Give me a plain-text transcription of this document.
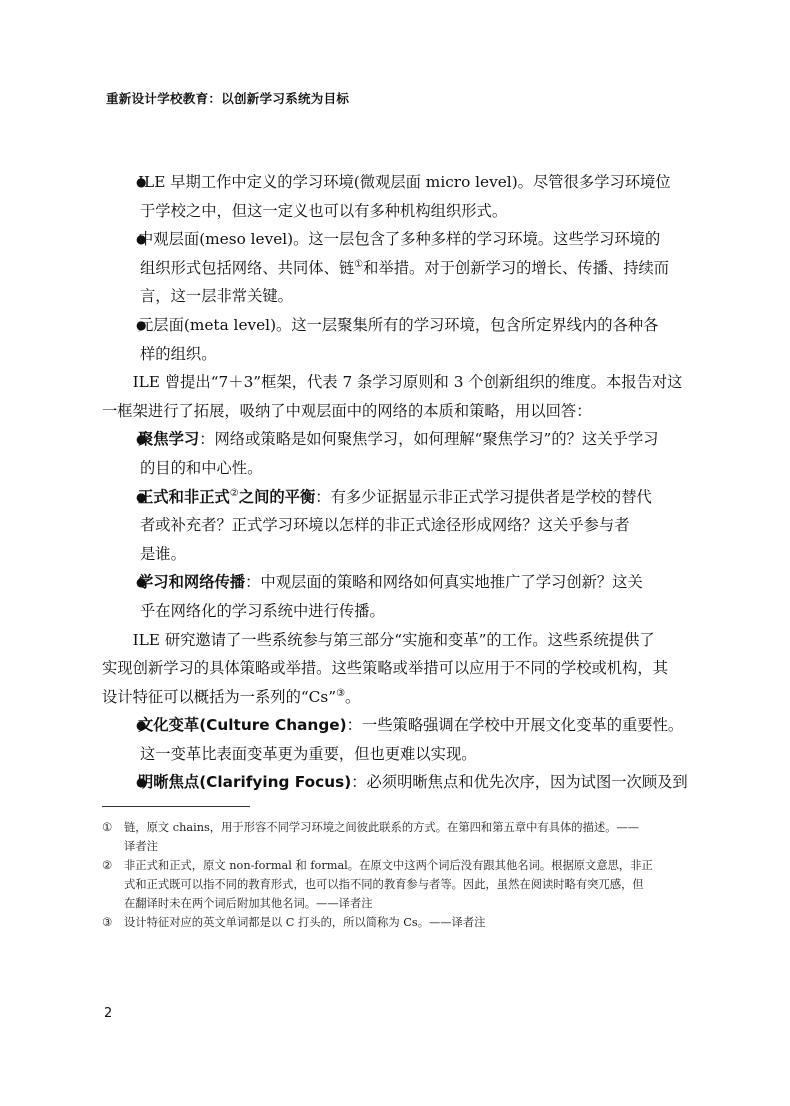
重新设计学校教育：以创新学习系统为目标
● ILE 早期工作中定义的学习环境(微观层面 micro level)。尽管很多学习环境位
于学校之中，但这一定义也可以有多种机构组织形式。
● 中观层面(meso level)。这一层包含了多种多样的学习环境。这些学习环境的
组织形式包括网络、共同体、链①和举措。对于创新学习的增长、传播、持续而
言，这一层非常关键。
● 元层面(meta level)。这一层聚集所有的学习环境，包含所定界线内的各种各
样的组织。
ILE 曾提出“7＋3”框架，代表 7 条学习原则和 3 个创新组织的维度。本报告对这
一框架进行了拓展，吸纳了中观层面中的网络的本质和策略，用以回答：
● 聚焦学习：网络或策略是如何聚焦学习，如何理解“聚焦学习”的？这关乎学习
的目的和中心性。
● 正式和非正式②之间的平衡：有多少证据显示非正式学习提供者是学校的替代
者或补充者？正式学习环境以怎样的非正式途径形成网络？这关乎参与者
是谁。
● 学习和网络传播：中观层面的策略和网络如何真实地推广了学习创新？这关
乎在网络化的学习系统中进行传播。
ILE 研究邀请了一些系统参与第三部分“实施和变革”的工作。这些系统提供了
实现创新学习的具体策略或举措。这些策略或举措可以应用于不同的学校或机构，其
设计特征可以概括为一系列的“Cs”③。
● 文化变革(Culture Change)：一些策略强调在学校中开展文化变革的重要性。
这一变革比表面变革更为重要，但也更难以实现。
● 明晰焦点(Clarifying Focus)：必须明晰焦点和优先次序，因为试图一次顾及到
① 链，原文 chains，用于形容不同学习环境之间彼此联系的方式。在第四和第五章中有具体的描述。——
译者注
② 非正式和正式，原文 non-formal 和 formal。在原文中这两个词后没有跟其他名词。根据原文意思，非正
式和正式既可以指不同的教育形式，也可以指不同的教育参与者等。因此，虽然在阅读时略有突兀感，但
在翻译时未在两个词后附加其他名词。——译者注
③ 设计特征对应的英文单词都是以 C 打头的，所以简称为 Cs。——译者注
2
